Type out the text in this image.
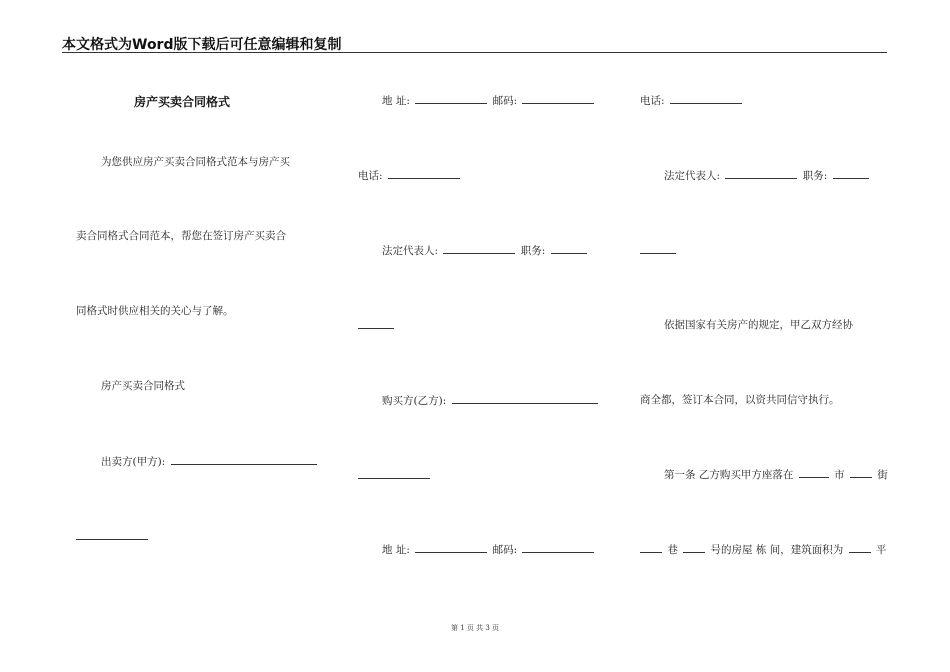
本文格式为Word版下载后可任意编辑和复制
房产买卖合同格式
为您供应房产买卖合同格式范本与房产买
卖合同格式合同范本，帮您在签订房产买卖合
同格式时供应相关的关心与了解。
房产买卖合同格式
出卖方(甲方):
地 址:	邮码:
电话:
法定代表人:	职务:
购买方(乙方):
地 址:	邮码:
电话:
法定代表人:	职务:
依据国家有关房产的规定，甲乙双方经协
商全都，签订本合同，以资共同信守执行。
第一条 乙方购买甲方座落在	市	街
巷	号的房屋 栋 间，建筑面积为	平
第 1 页 共 3 页
